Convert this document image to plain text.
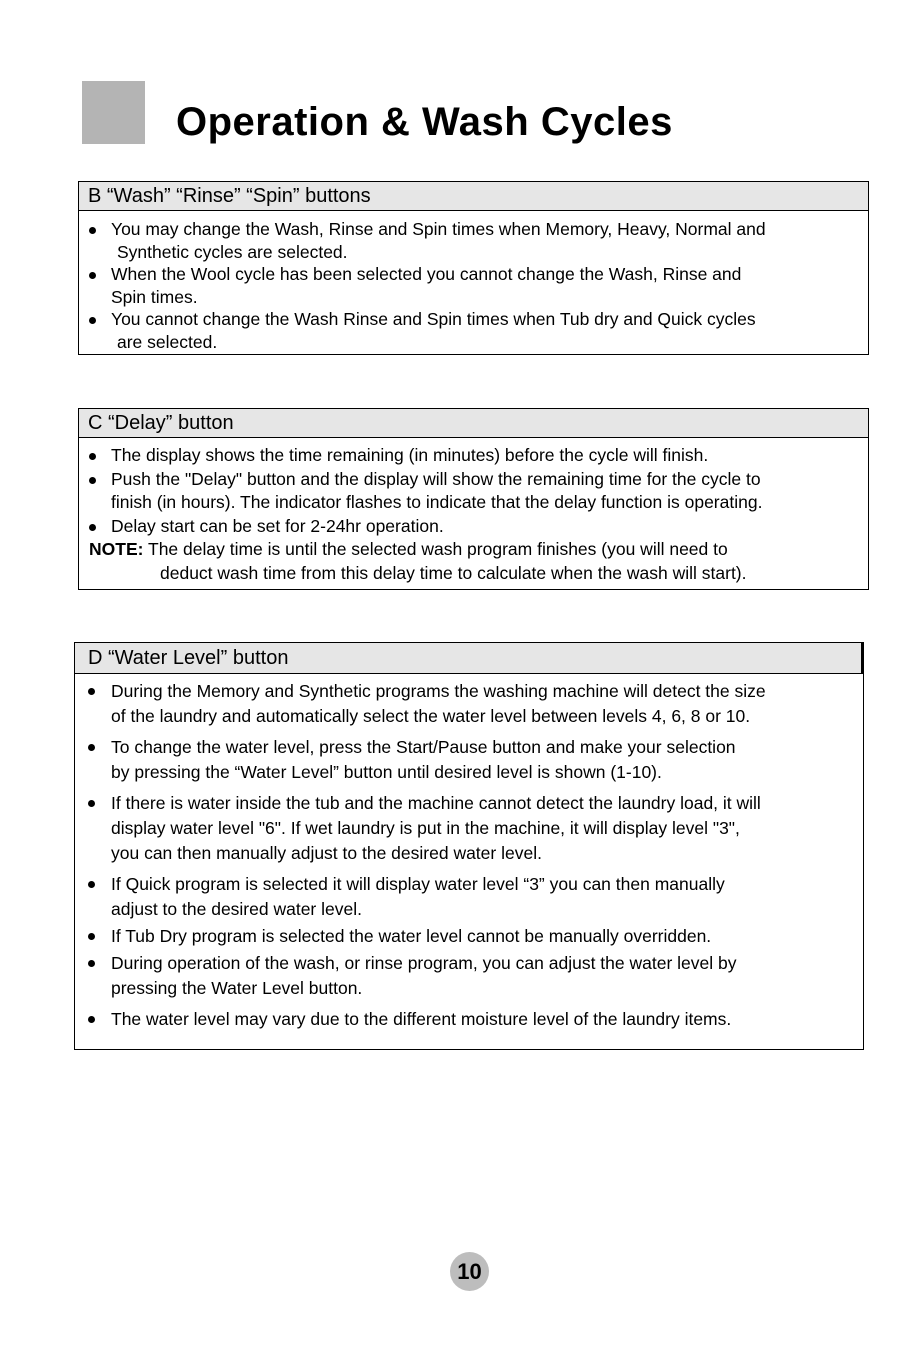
Operation & Wash Cycles
B “Wash” “Rinse” “Spin” buttons
You may change the Wash, Rinse and Spin times when Memory, Heavy, Normal and
Synthetic cycles are selected.
When the Wool cycle has been selected you cannot change the Wash, Rinse and
Spin times.
You cannot change the Wash Rinse and Spin times when Tub dry and Quick cycles
are selected.
C “Delay” button
The display shows the time remaining (in minutes) before the cycle will finish.
Push the "Delay" button and the display will show the remaining time for the cycle to
finish (in hours). The indicator flashes to indicate that the delay function is operating.
Delay start can be set for 2-24hr operation.
NOTE: The delay time is until the selected wash program finishes (you will need to
deduct wash time from this delay time to calculate when the wash will start).
D “Water Level” button
During the Memory and Synthetic programs the washing machine will detect the size
of the laundry and automatically select the water level between levels 4, 6, 8 or 10.
To change the water level, press the Start/Pause button and make your selection
by pressing the “Water Level” button until desired level is shown (1-10).
If there is water inside the tub and the machine cannot detect the laundry load, it will
display water level "6". If wet laundry is put in the machine, it will display level "3",
you can then manually adjust to the desired water level.
If Quick program is selected it will display water level “3” you can then manually
adjust to the desired water level.
If Tub Dry program is selected the water level cannot be manually overridden.
During operation of the wash, or rinse program, you can adjust the water level by
pressing the Water Level button.
The water level may vary due to the different moisture level of the laundry items.
10
